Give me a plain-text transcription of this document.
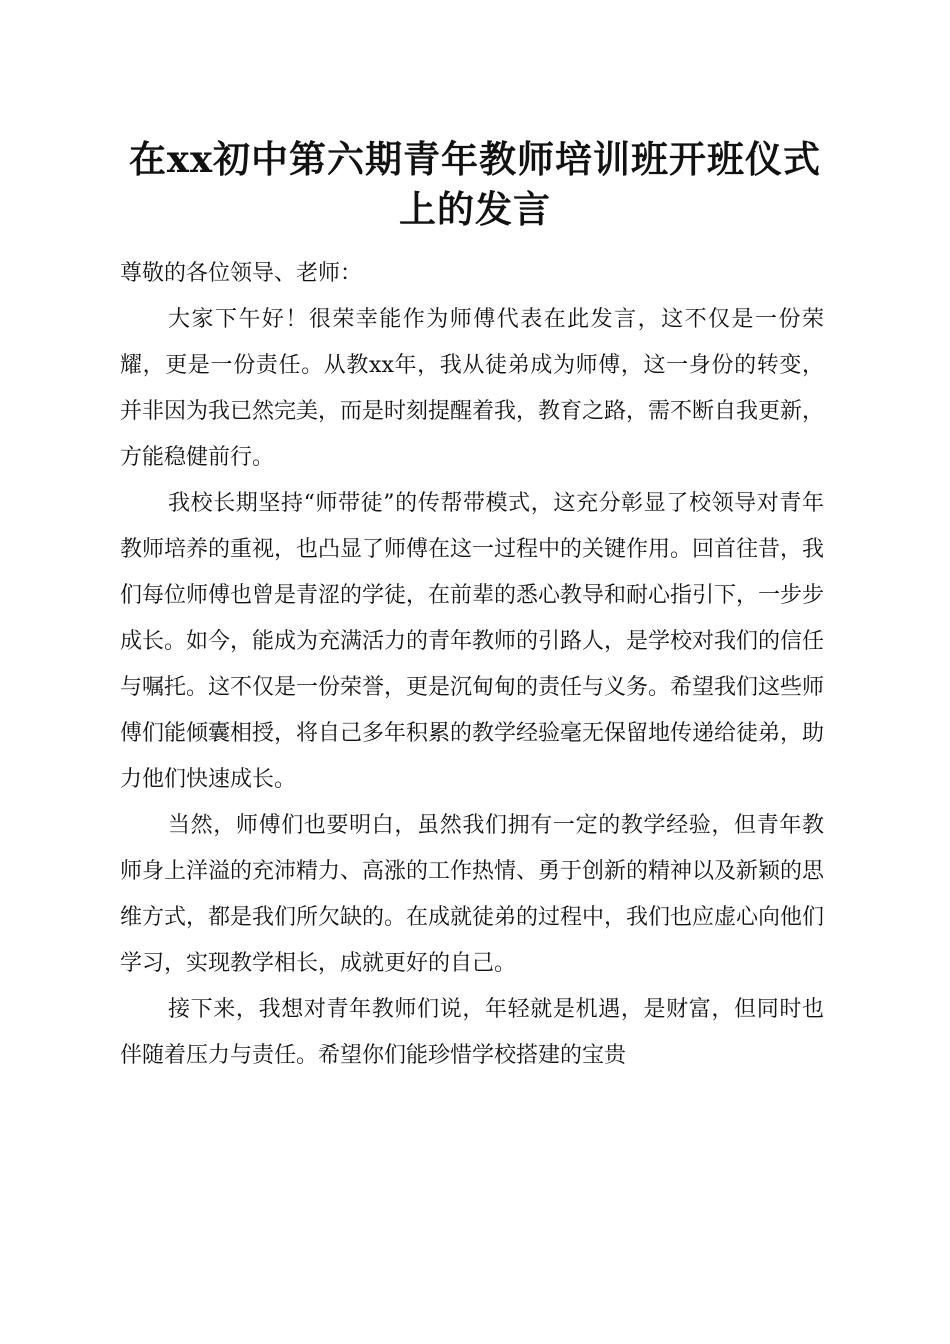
在xx初中第六期青年教师培训班开班仪式上的发言

尊敬的各位领导、老师：

大家下午好！很荣幸能作为师傅代表在此发言，这不仅是一份荣耀，更是一份责任。从教xx年，我从徒弟成为师傅，这一身份的转变，并非因为我已然完美，而是时刻提醒着我，教育之路，需不断自我更新，方能稳健前行。

我校长期坚持“师带徒”的传帮带模式，这充分彰显了校领导对青年教师培养的重视，也凸显了师傅在这一过程中的关键作用。回首往昔，我们每位师傅也曾是青涩的学徒，在前辈的悉心教导和耐心指引下，一步步成长。如今，能成为充满活力的青年教师的引路人，是学校对我们的信任与嘱托。这不仅是一份荣誉，更是沉甸甸的责任与义务。希望我们这些师傅们能倾囊相授，将自己多年积累的教学经验毫无保留地传递给徒弟，助力他们快速成长。

当然，师傅们也要明白，虽然我们拥有一定的教学经验，但青年教师身上洋溢的充沛精力、高涨的工作热情、勇于创新的精神以及新颖的思维方式，都是我们所欠缺的。在成就徒弟的过程中，我们也应虚心向他们学习，实现教学相长，成就更好的自己。

接下来，我想对青年教师们说，年轻就是机遇，是财富，但同时也伴随着压力与责任。希望你们能珍惜学校搭建的宝贵
